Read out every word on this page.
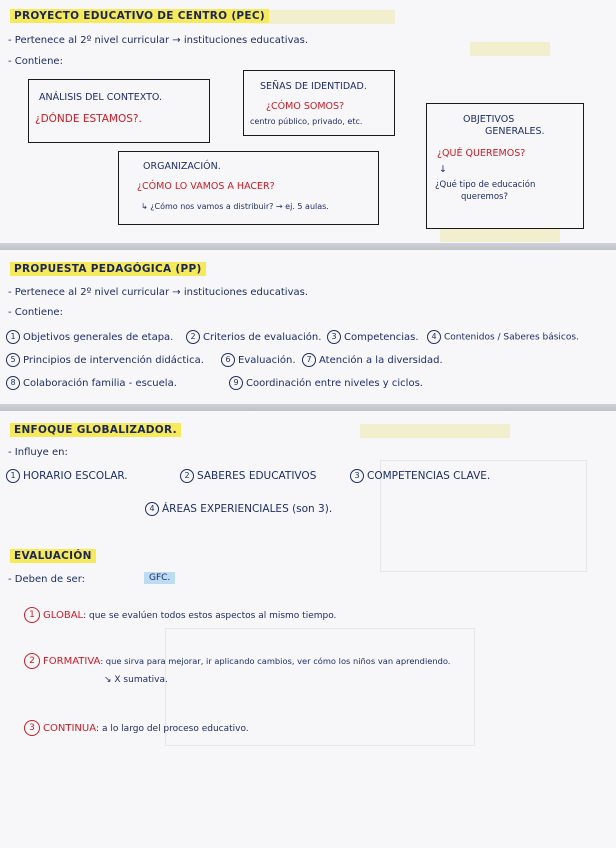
PROYECTO EDUCATIVO DE CENTRO (PEC)
- Pertenece al 2º nivel curricular → instituciones educativas.
- Contiene:
ANÁLISIS DEL CONTEXTO.
¿DÓNDE ESTAMOS?.
SEÑAS DE IDENTIDAD.
¿CÓMO SOMOS?
centro público, privado, etc.	OBJETIVOS
GENERALES.
¿QUÉ QUEREMOS?
↓
¿Qué tipo de educación
queremos?
ORGANIZACIÓN.
¿CÓMO LO VAMOS A HACER?
↳ ¿Cómo nos vamos a distribuir? → ej. 5 aulas.
PROPUESTA PEDAGÓGICA (PP)
- Pertenece al 2º nivel curricular → instituciones educativas.
- Contiene:
1 Objetivos generales de etapa.	2 Criterios de evaluación.	3 Competencias.	4 Contenidos / Saberes básicos.
5 Principios de intervención didáctica.	6 Evaluación.	7 Atención a la diversidad.
8 Colaboración familia - escuela.	9 Coordinación entre niveles y ciclos.
ENFOQUE GLOBALIZADOR.
- Influye en:
1 HORARIO ESCOLAR.	2 SABERES EDUCATIVOS	3 COMPETENCIAS CLAVE.
4 ÁREAS EXPERIENCIALES (son 3).
EVALUACIÓN
- Deben de ser:	GFC.
1 GLOBAL: que se evalúen todos estos aspectos al mismo tiempo.
2 FORMATIVA: que sirva para mejorar, ir aplicando cambios, ver cómo los niños van aprendiendo.
↘ X sumativa.
3 CONTINUA: a lo largo del proceso educativo.
